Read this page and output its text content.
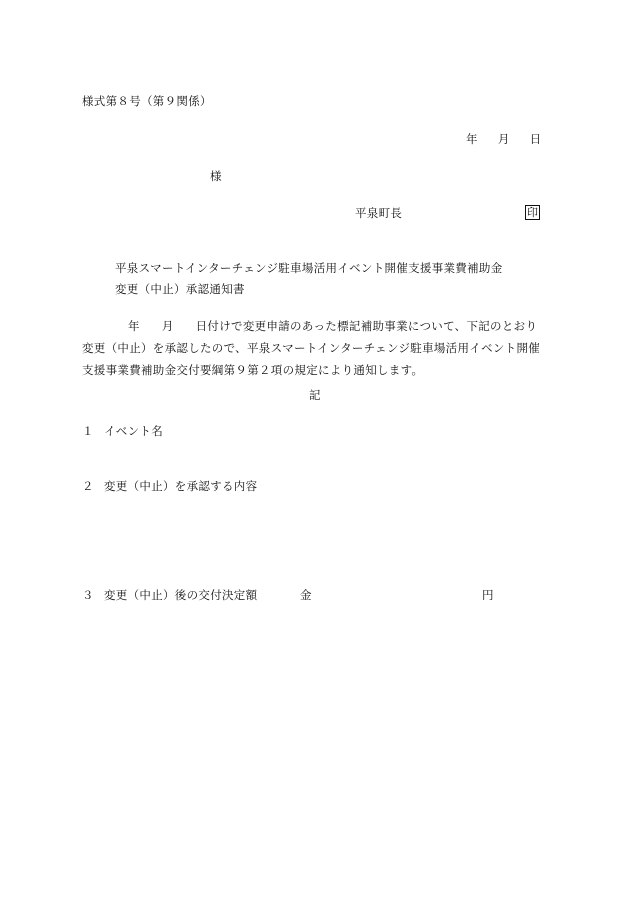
様式第８号（第９関係）
年 月 日
様
平泉町長	印
平泉スマートインターチェンジ駐車場活用イベント開催支援事業費補助金
変更（中止）承認通知書
年 月 日付けで変更申請のあった標記補助事業について、下記のとおり
変更（中止）を承認したので、平泉スマートインターチェンジ駐車場活用イベント開催
支援事業費補助金交付要綱第９第２項の規定により通知します。
記
１ イベント名
２ 変更（中止）を承認する内容
３ 変更（中止）後の交付決定額	金	円
